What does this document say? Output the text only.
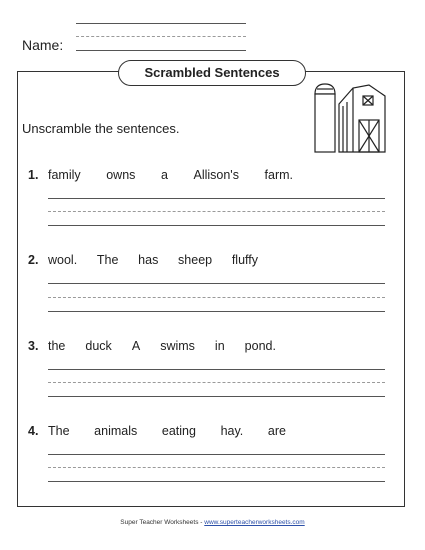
Name:
Scrambled Sentences
Unscramble the sentences.
1. family owns a Allison's farm.
2. wool. The has sheep fluffy
3. the duck A swims in pond.
4. The animals eating hay. are
Super Teacher Worksheets - www.superteacherworksheets.com
